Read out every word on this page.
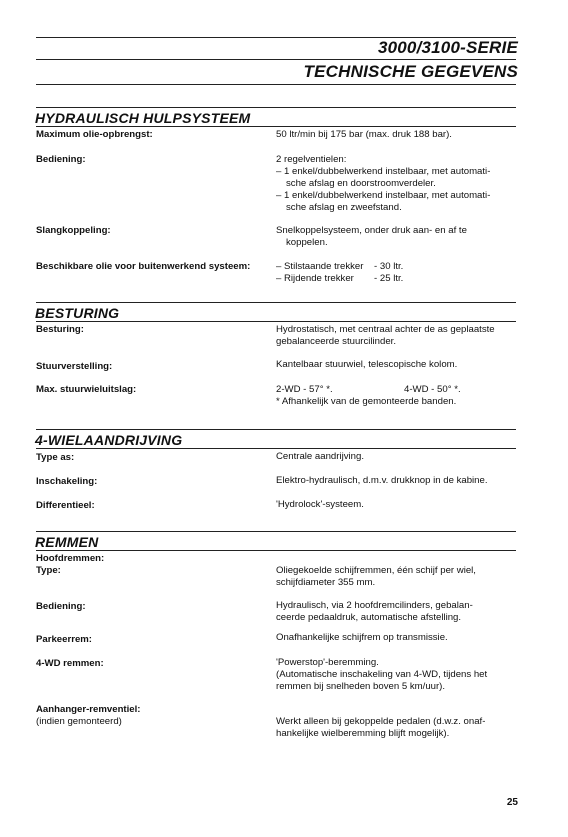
3000/3100-SERIE
TECHNISCHE GEGEVENS
HYDRAULISCH HULPSYSTEEM
Maximum olie-opbrengst:	50 ltr/min bij 175 bar (max. druk 188 bar).
Bediening:	2 regelventielen:
– 1 enkel/dubbelwerkend instelbaar, met automati-
sche afslag en doorstroomverdeler.
– 1 enkel/dubbelwerkend instelbaar, met automati-
sche afslag en zweefstand.
Slangkoppeling:	Snelkoppelsysteem, onder druk aan- en af te
koppelen.
Beschikbare olie voor buitenwerkend systeem:	– Stilstaande trekker - 30 ltr.
– Rijdende trekker - 25 ltr.
BESTURING
Besturing:	Hydrostatisch, met centraal achter de as geplaatste
gebalanceerde stuurcilinder.
Stuurverstelling:	Kantelbaar stuurwiel, telescopische kolom.
Max. stuurwieluitslag:	2-WD - 57° *.	4-WD - 50° *.
* Afhankelijk van de gemonteerde banden.
4-WIELAANDRIJVING
Type as:	Centrale aandrijving.
Inschakeling:	Elektro-hydraulisch, d.m.v. drukknop in de kabine.
Differentieel:	'Hydrolock'-systeem.
REMMEN
Hoofdremmen:
Type:	Oliegekoelde schijfremmen, één schijf per wiel,
schijfdiameter 355 mm.
Bediening:	Hydraulisch, via 2 hoofdremcilinders, gebalan-
ceerde pedaaldruk, automatische afstelling.
Parkeerrem:	Onafhankelijke schijfrem op transmissie.
4-WD remmen:	'Powerstop'-beremming.
(Automatische inschakeling van 4-WD, tijdens het
remmen bij snelheden boven 5 km/uur).
Aanhanger-remventiel:
(indien gemonteerd)	Werkt alleen bij gekoppelde pedalen (d.w.z. onaf-
hankelijke wielberemming blijft mogelijk).
25
